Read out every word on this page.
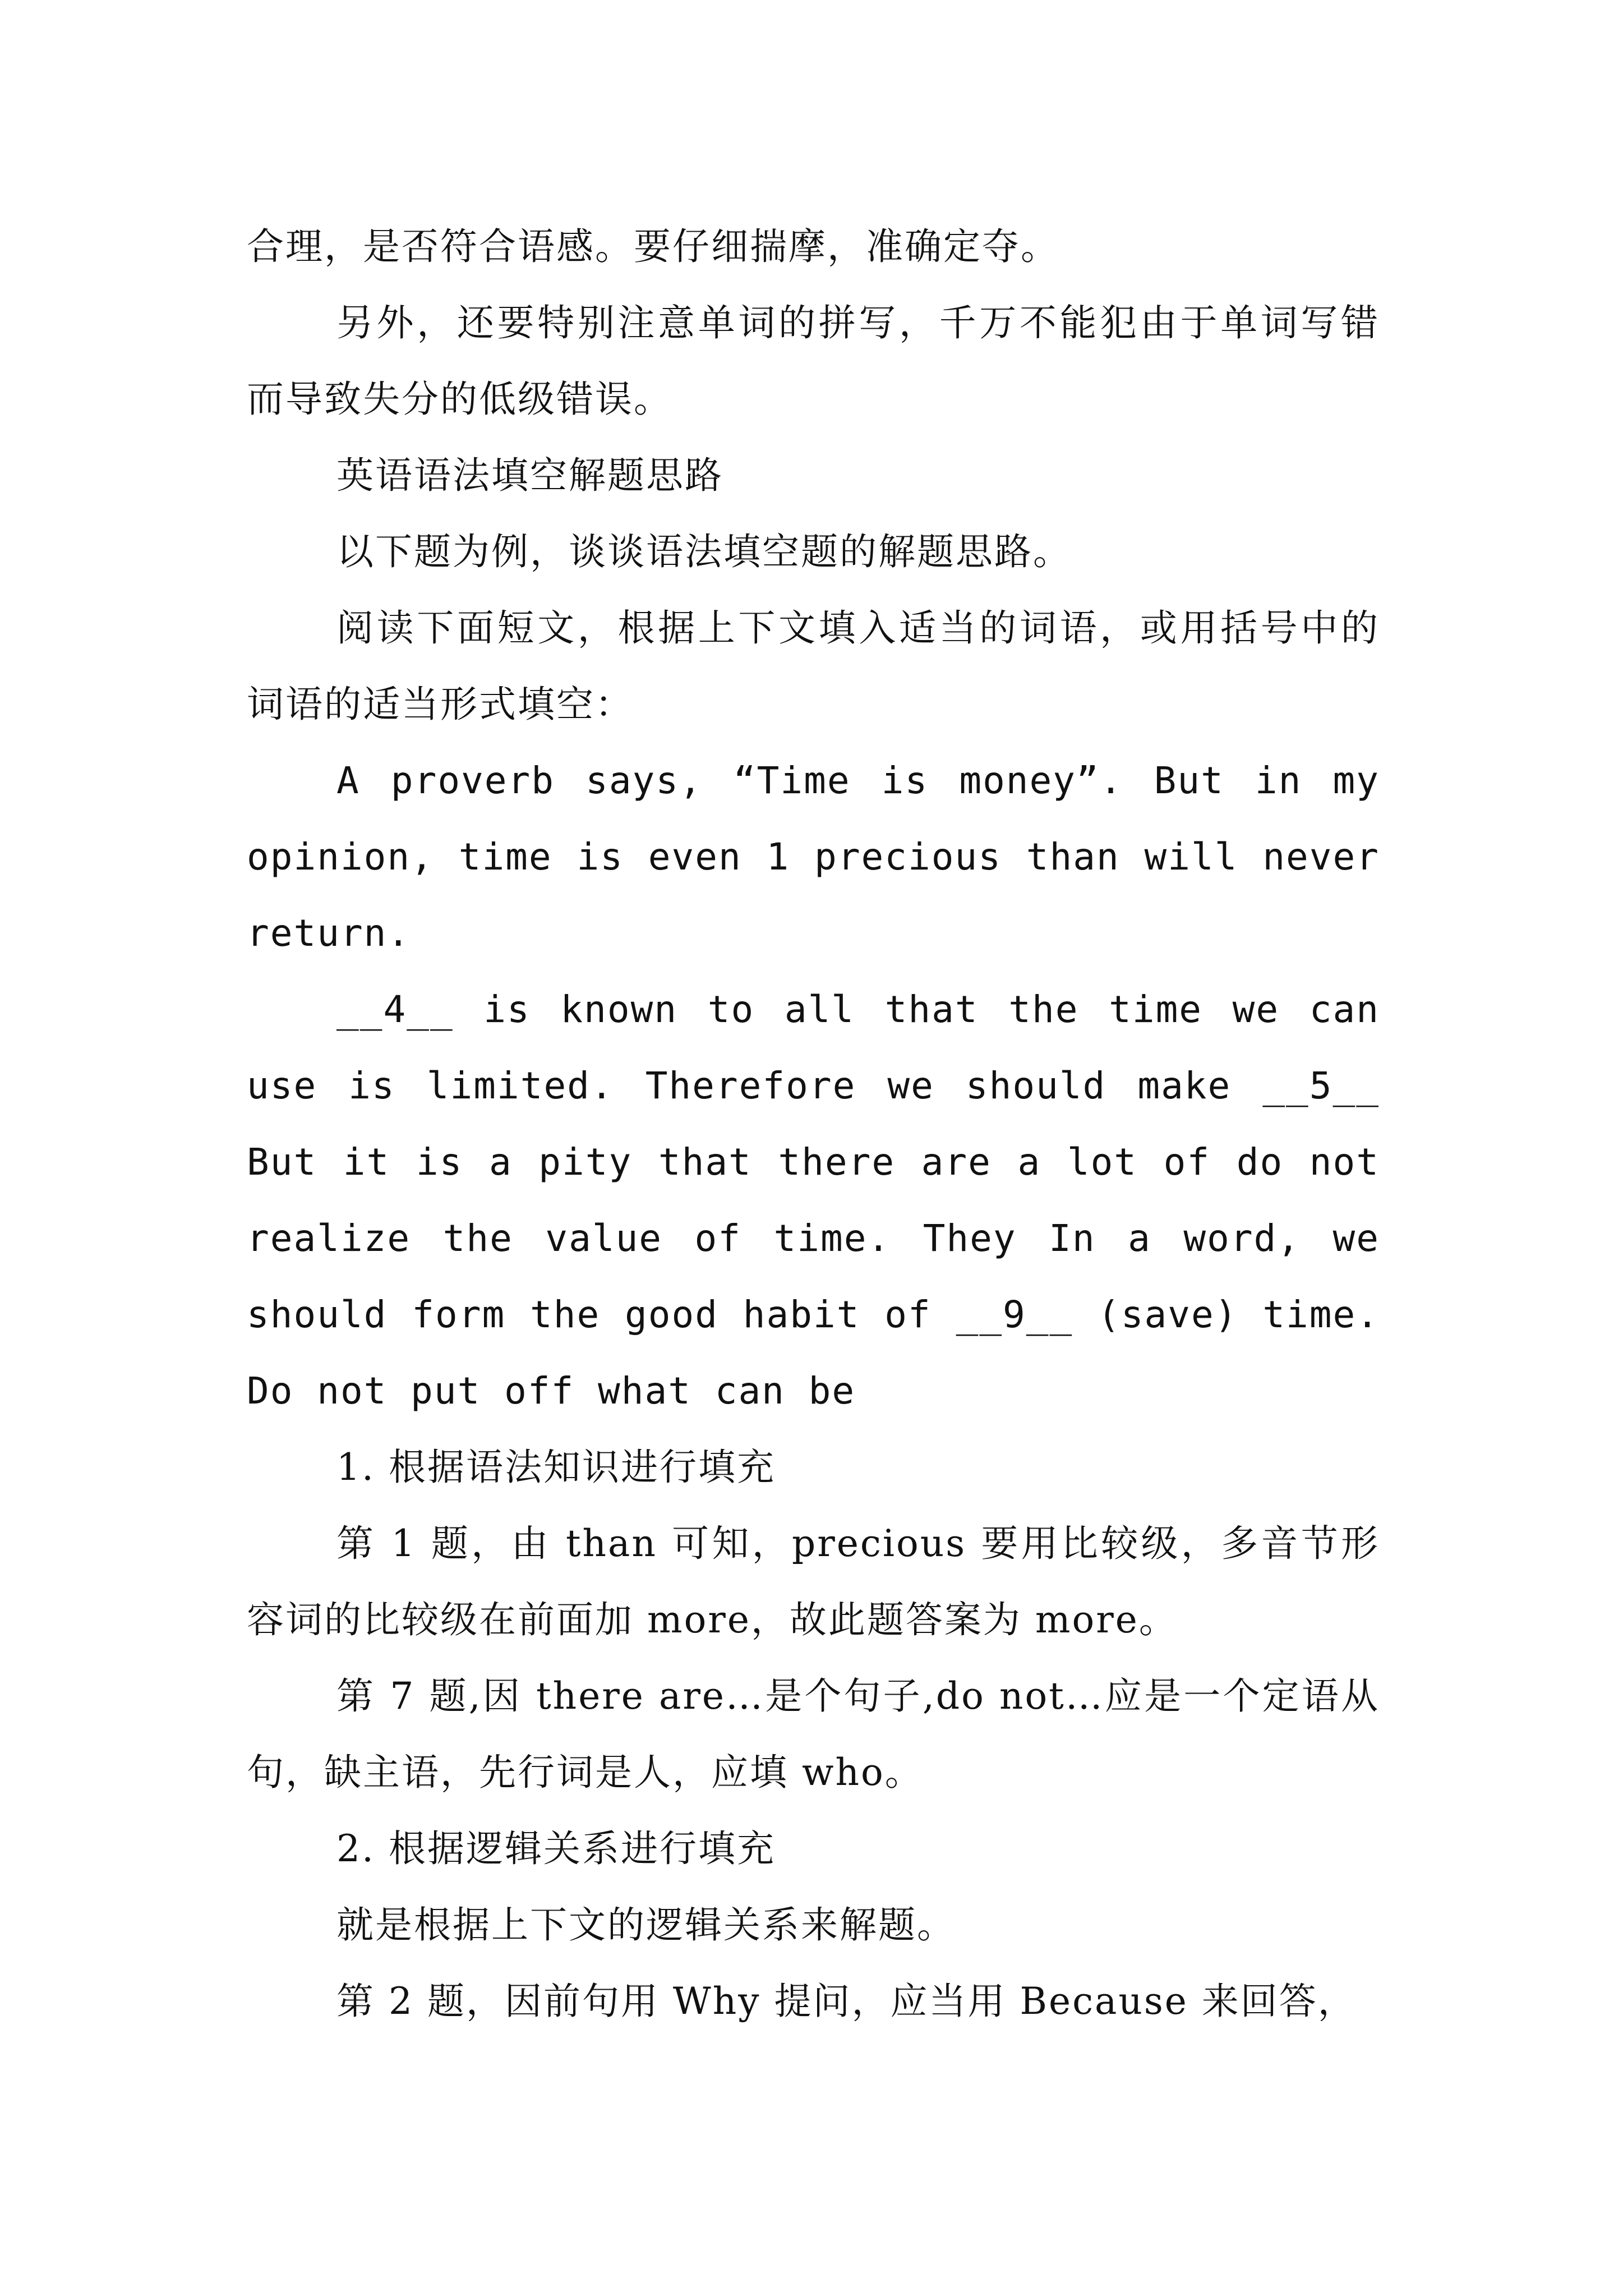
合理，是否符合语感。要仔细揣摩，准确定夺。

另外，还要特别注意单词的拼写，千万不能犯由于单词写错而导致失分的低级错误。

英语语法填空解题思路

以下题为例，谈谈语法填空题的解题思路。

阅读下面短文，根据上下文填入适当的词语，或用括号中的词语的适当形式填空：

A proverb says, “Time is money”. But in my opinion, time is even 1 precious than will never return.

__4__ is known to all that the time we can use is limited. Therefore we should make __5__ But it is a pity that there are a lot of do not realize the value of time. They In a word, we should form the good habit of __9__ (save) time. Do not put off what can be

1. 根据语法知识进行填充

第 1 题，由 than 可知，precious 要用比较级，多音节形容词的比较级在前面加 more，故此题答案为 more。

第 7 题,因 there are…是个句子,do not…应是一个定语从句，缺主语，先行词是人，应填 who。

2. 根据逻辑关系进行填充

就是根据上下文的逻辑关系来解题。

第 2 题，因前句用 Why 提问，应当用 Because 来回答，
